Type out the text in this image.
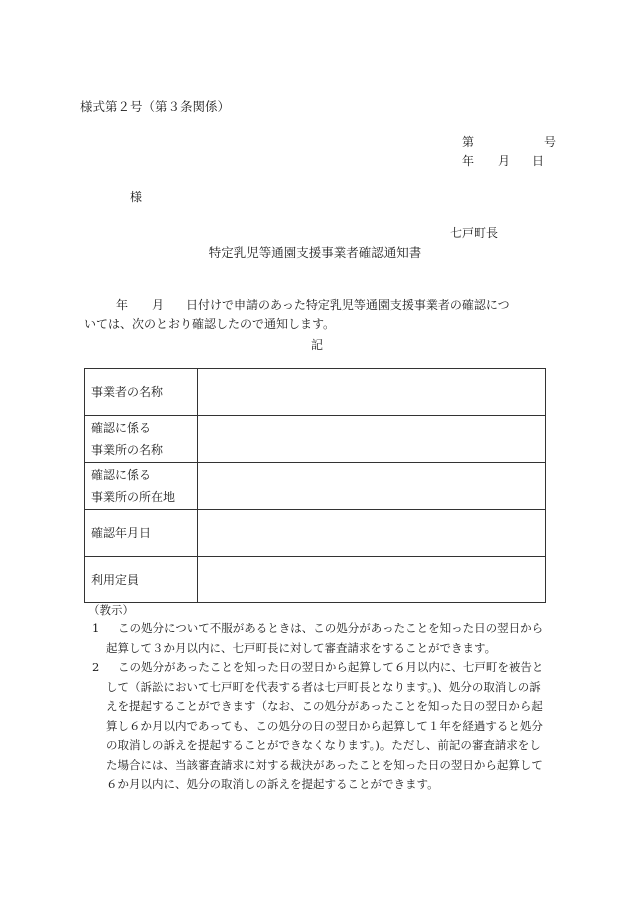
様式第２号（第３条関係）
第	号
年 月 日
様
七戸町長
特定乳児等通園支援事業者確認通知書
年 月 日付けで申請のあった特定乳児等通園支援事業者の確認につ
いては、次のとおり確認したので通知します。
記
事業者の名称	

確認に係る
事業所の名称	

確認に係る
事業所の所在地	

確認年月日	

利用定員	

（教示）
1	この処分について不服があるときは、この処分があったことを知った日の翌日から起算して３か月以内に、七戸町長に対して審査請求をすることができます。
2	この処分があったことを知った日の翌日から起算して６月以内に、七戸町を被告として（訴訟において七戸町を代表する者は七戸町長となります。)、処分の取消しの訴えを提起することができます（なお、この処分があったことを知った日の翌日から起算し６か月以内であっても、この処分の日の翌日から起算して１年を経過すると処分の取消しの訴えを提起することができなくなります。)。ただし、前記の審査請求をした場合には、当該審査請求に対する裁決があったことを知った日の翌日から起算して６か月以内に、処分の取消しの訴えを提起することができます。
